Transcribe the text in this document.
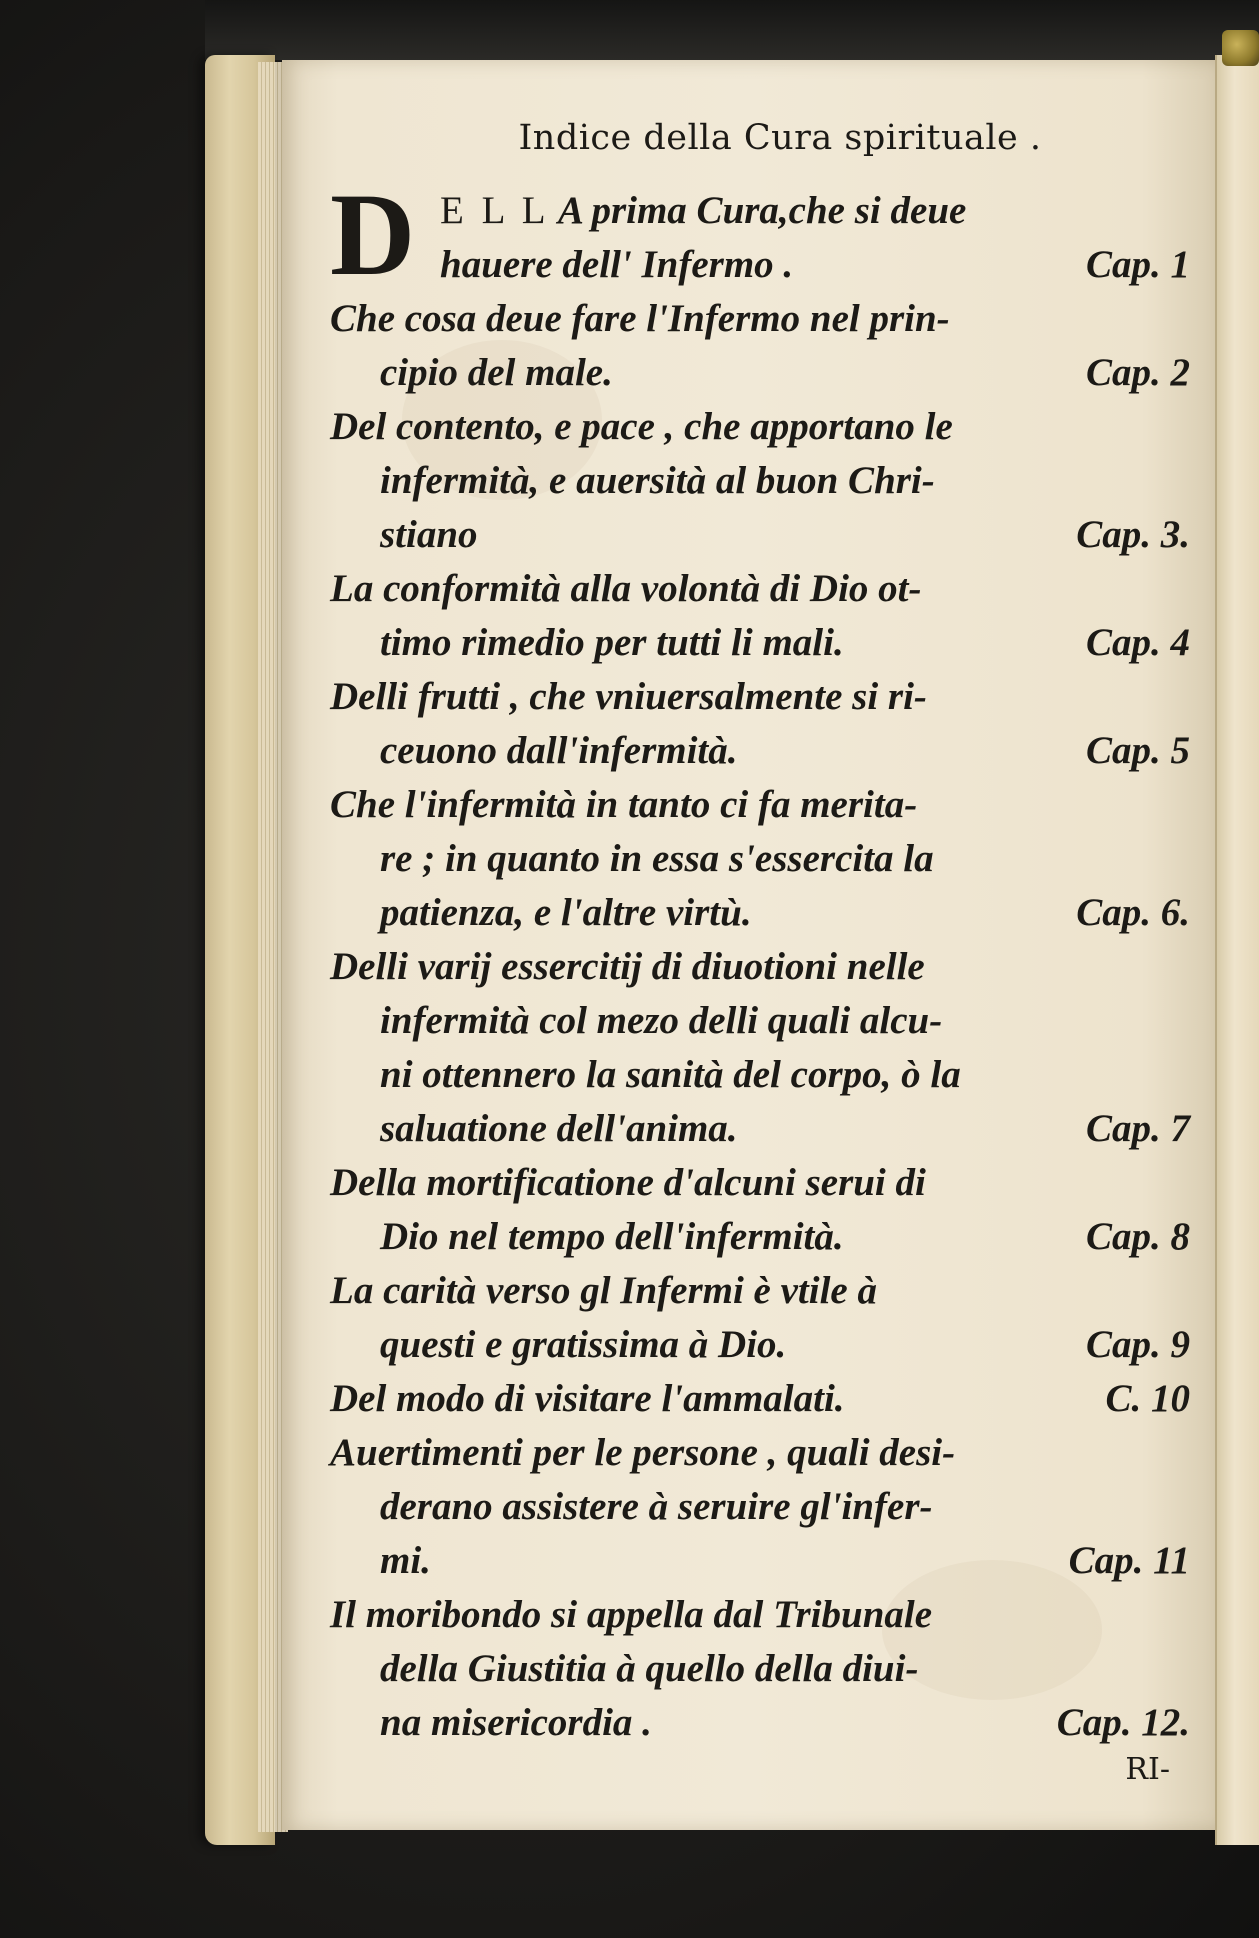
Indice della Cura spirituale .
D E L L A prima Cura,che si deue
hauere dell' Infermo .	Cap. 1
Che cosa deue fare l'Infermo nel prin-
cipio del male.	Cap. 2
Del contento, e pace , che apportano le
infermità, e auersità al buon Chri-
stiano	Cap. 3.
La conformità alla volontà di Dio ot-
timo rimedio per tutti li mali.	Cap. 4
Delli frutti , che vniuersalmente si ri-
ceuono dall'infermità.	Cap. 5
Che l'infermità in tanto ci fa merita-
re ; in quanto in essa s'essercita la
patienza, e l'altre virtù.	Cap. 6.
Delli varij essercitij di diuotioni nelle
infermità col mezo delli quali alcu-
ni ottennero la sanità del corpo, ò la
saluatione dell'anima.	Cap. 7
Della mortificatione d'alcuni serui di
Dio nel tempo dell'infermità.	Cap. 8
La carità verso gl Infermi è vtile à
questi e gratissima à Dio.	Cap. 9
Del modo di visitare l'ammalati.	C. 10
Auertimenti per le persone , quali desi-
derano assistere à seruire gl'infer-
mi.	Cap. 11
Il moribondo si appella dal Tribunale
della Giustitia à quello della diui-
na misericordia .	Cap. 12.
RI-
